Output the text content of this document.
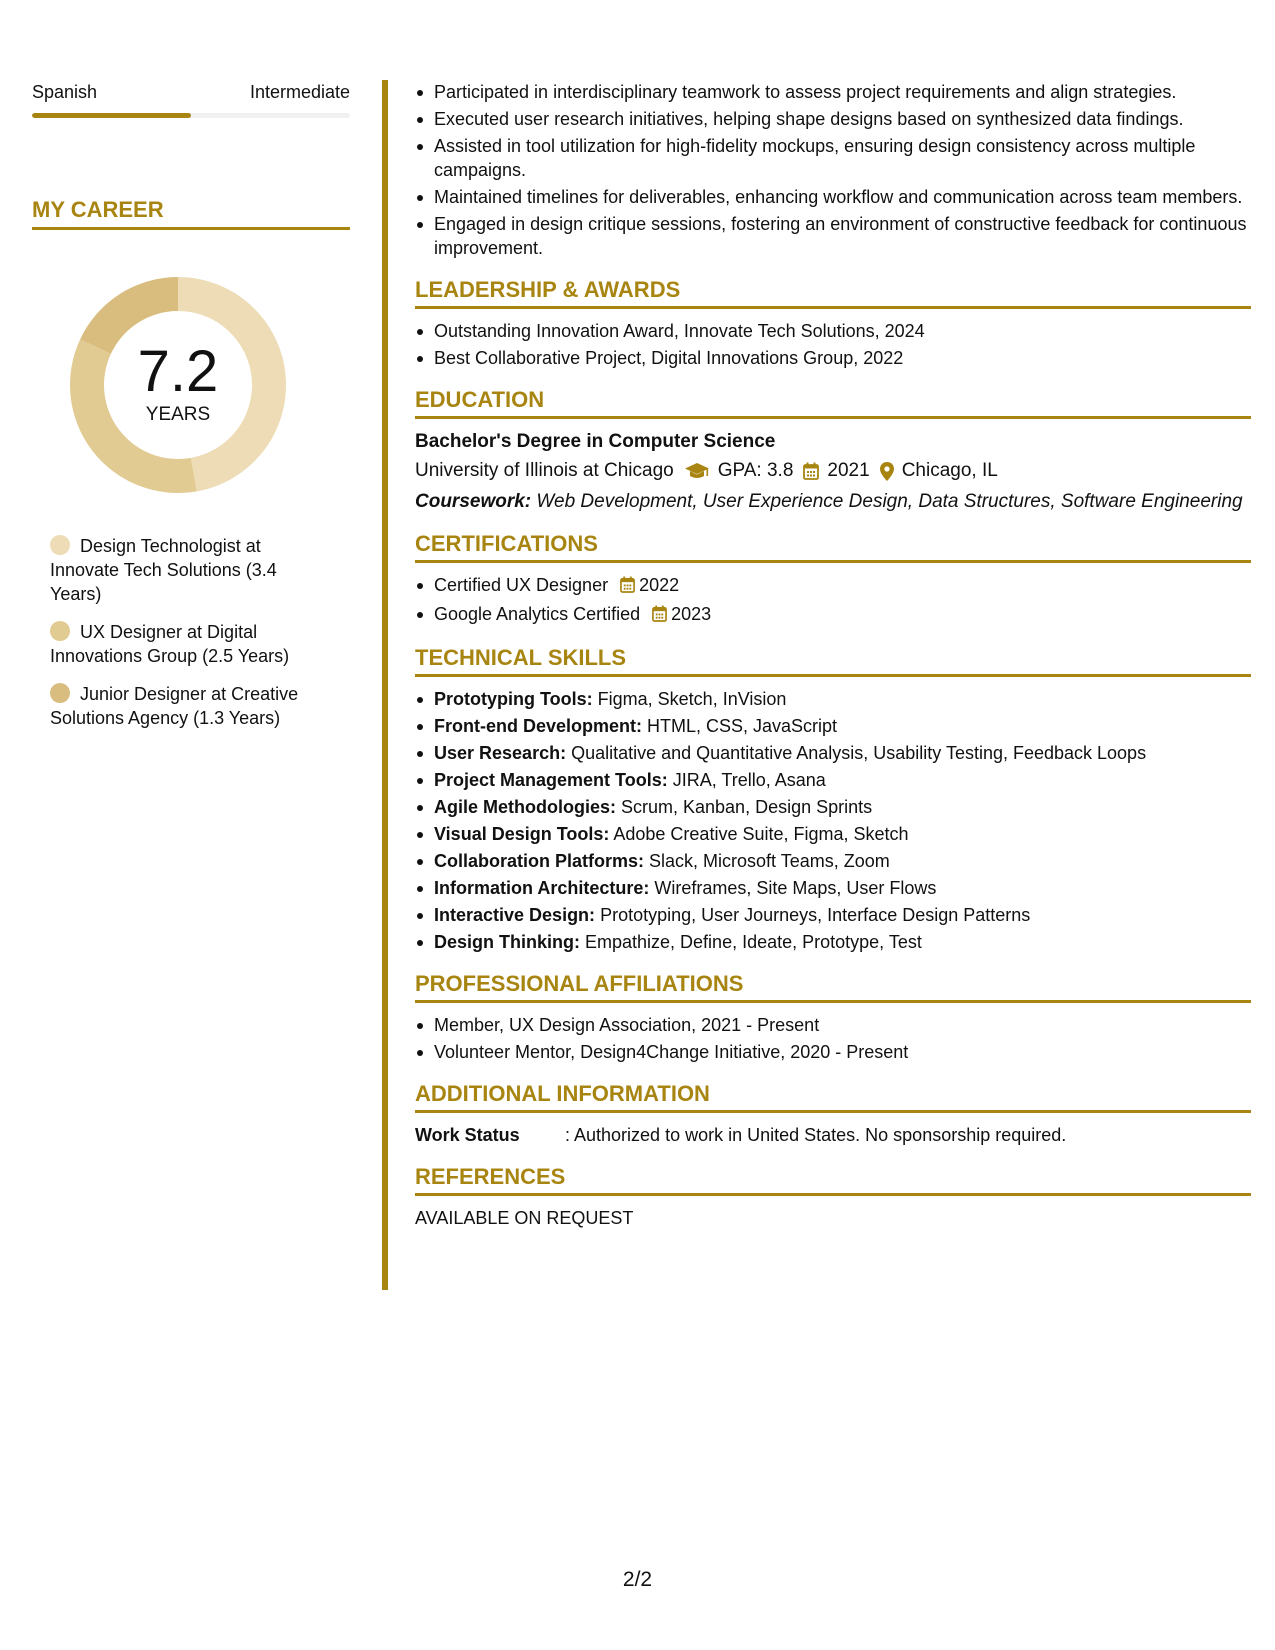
Spanish	Intermediate
MY CAREER
7.2
YEARS
Design Technologist at Innovate Tech Solutions (3.4 Years)
UX Designer at Digital Innovations Group (2.5 Years)
Junior Designer at Creative Solutions Agency (1.3 Years)
Participated in interdisciplinary teamwork to assess project requirements and align strategies.
Executed user research initiatives, helping shape designs based on synthesized data findings.
Assisted in tool utilization for high-fidelity mockups, ensuring design consistency across multiple campaigns.
Maintained timelines for deliverables, enhancing workflow and communication across team members.
Engaged in design critique sessions, fostering an environment of constructive feedback for continuous improvement.
LEADERSHIP & AWARDS
Outstanding Innovation Award, Innovate Tech Solutions, 2024
Best Collaborative Project, Digital Innovations Group, 2022
EDUCATION
Bachelor's Degree in Computer Science
University of Illinois at Chicago GPA: 3.8 2021 Chicago, IL
Coursework: Web Development, User Experience Design, Data Structures, Software Engineering
CERTIFICATIONS
Certified UX Designer 2022
Google Analytics Certified 2023
TECHNICAL SKILLS
Prototyping Tools: Figma, Sketch, InVision
Front-end Development: HTML, CSS, JavaScript
User Research: Qualitative and Quantitative Analysis, Usability Testing, Feedback Loops
Project Management Tools: JIRA, Trello, Asana
Agile Methodologies: Scrum, Kanban, Design Sprints
Visual Design Tools: Adobe Creative Suite, Figma, Sketch
Collaboration Platforms: Slack, Microsoft Teams, Zoom
Information Architecture: Wireframes, Site Maps, User Flows
Interactive Design: Prototyping, User Journeys, Interface Design Patterns
Design Thinking: Empathize, Define, Ideate, Prototype, Test
PROFESSIONAL AFFILIATIONS
Member, UX Design Association, 2021 - Present
Volunteer Mentor, Design4Change Initiative, 2020 - Present
ADDITIONAL INFORMATION
Work Status	: Authorized to work in United States. No sponsorship required.
REFERENCES
AVAILABLE ON REQUEST
2/2
